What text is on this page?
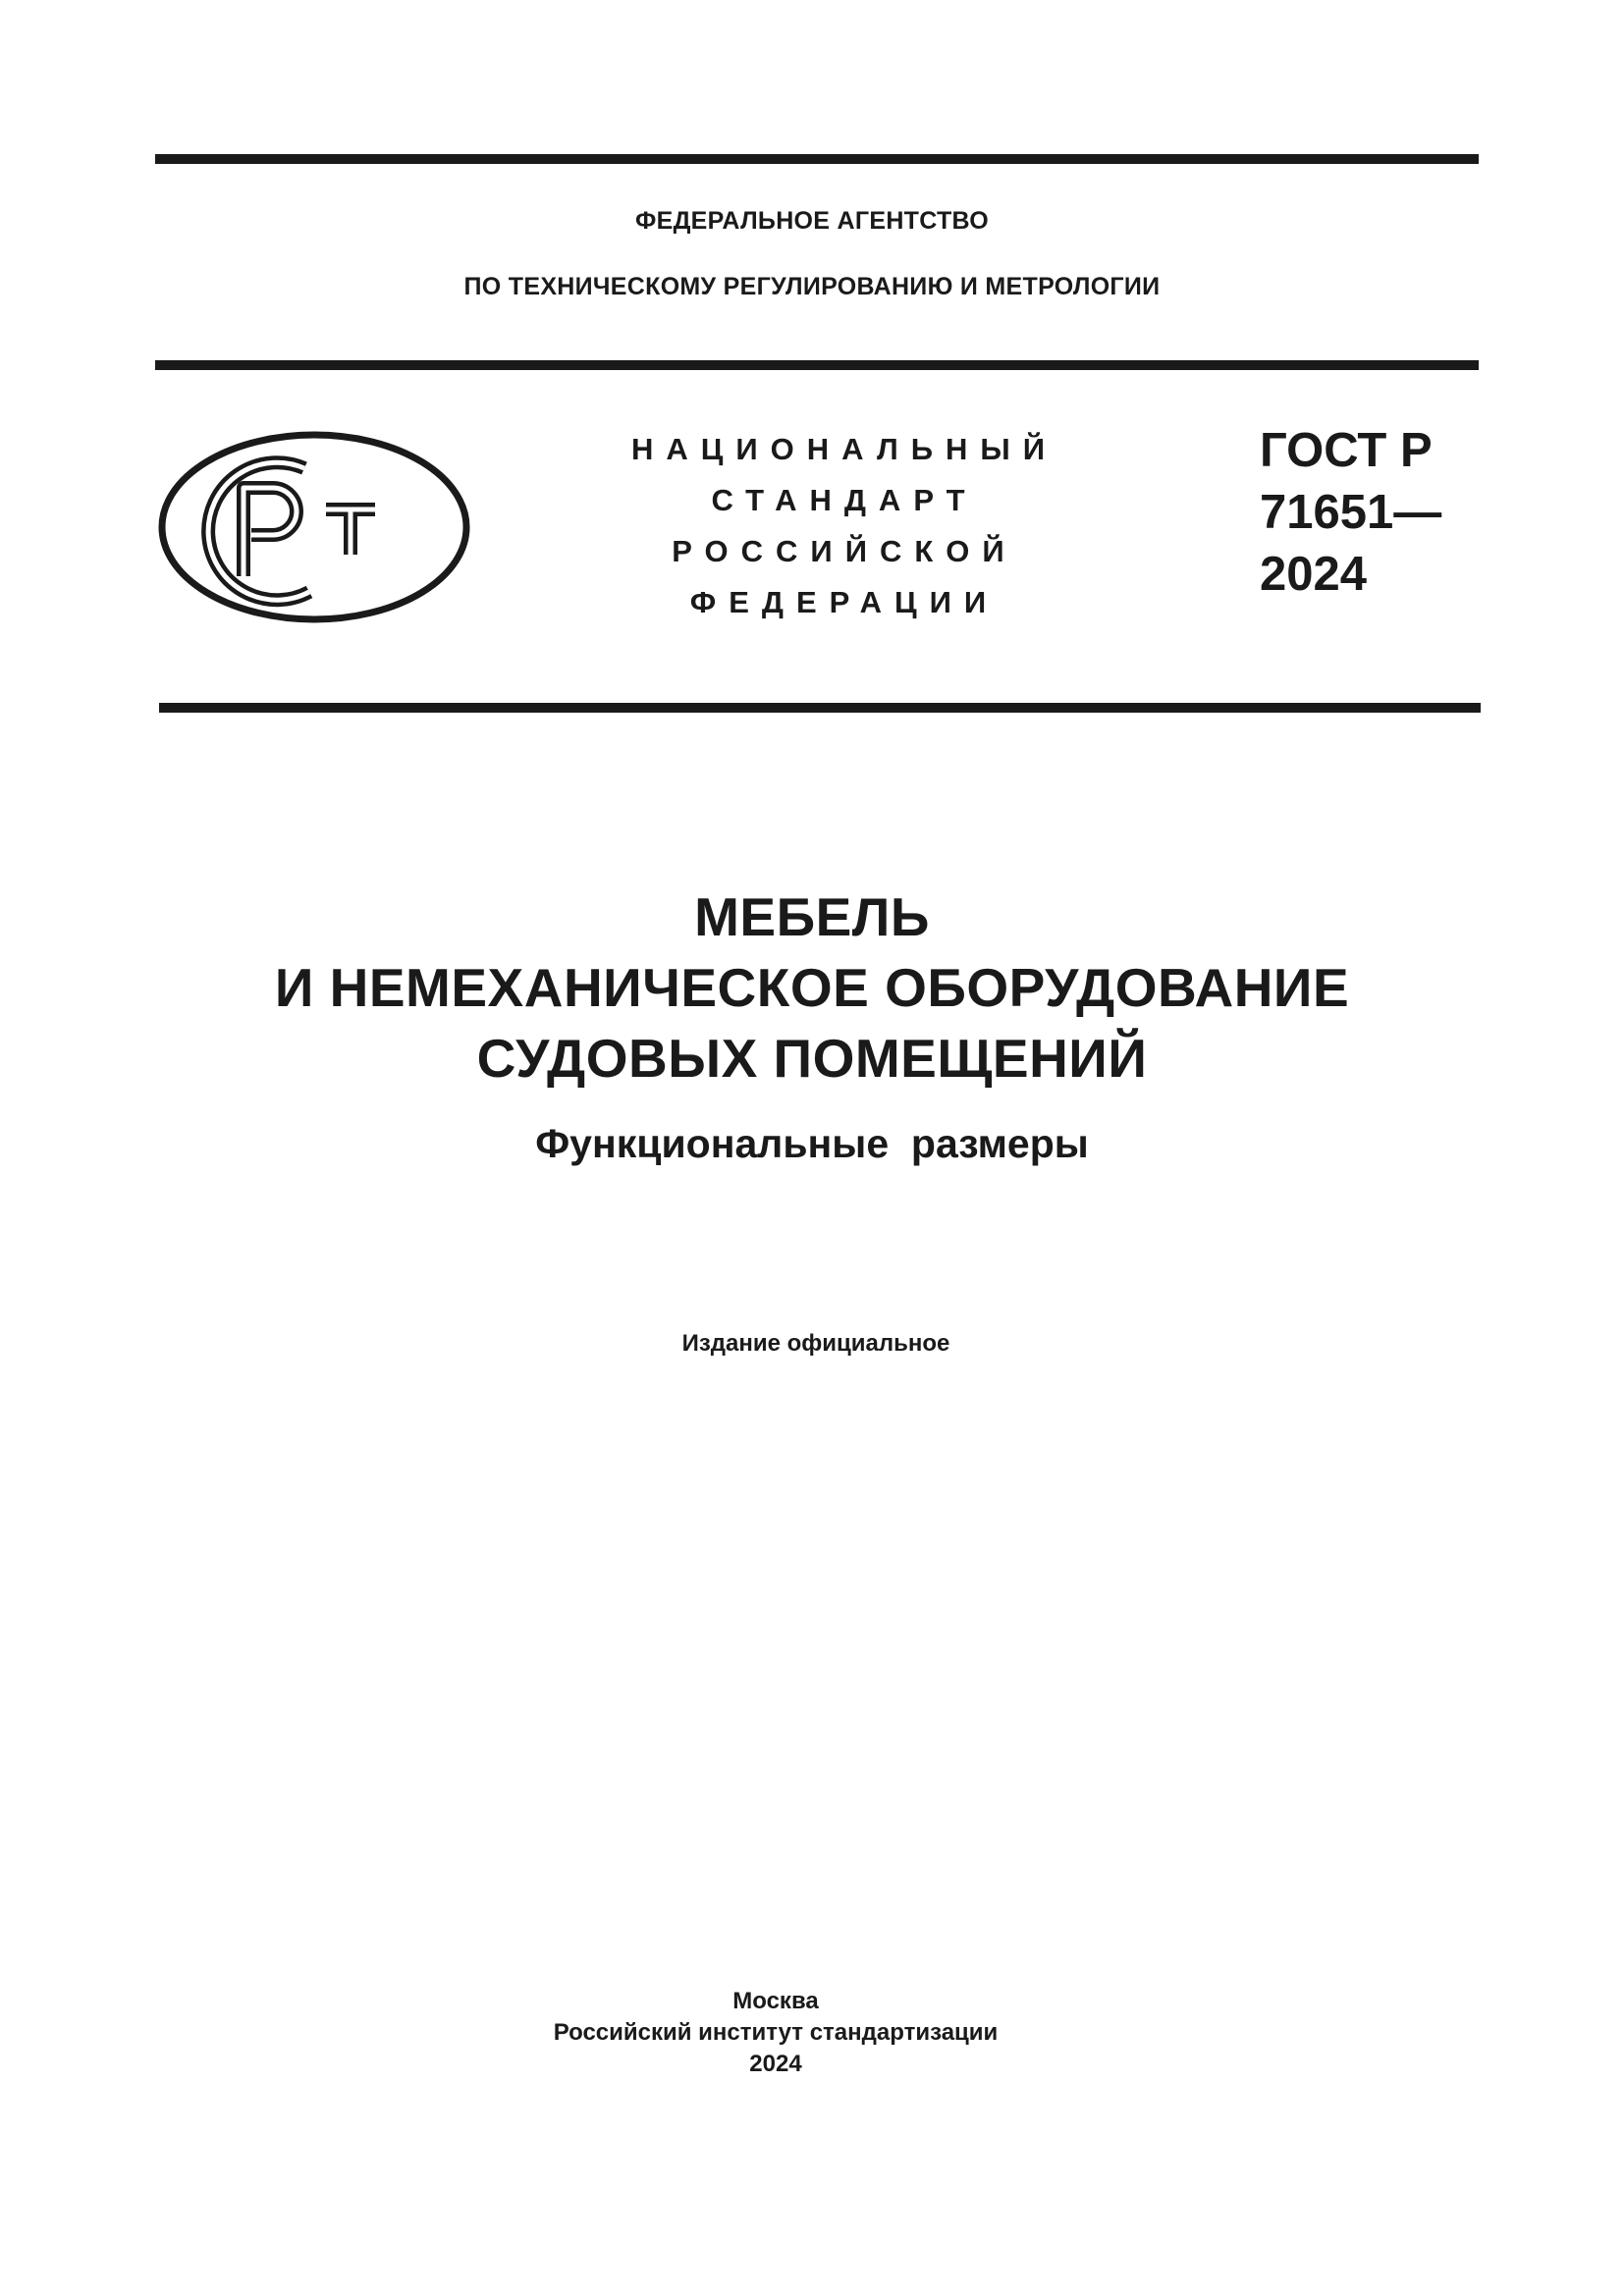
ФЕДЕРАЛЬНОЕ АГЕНТСТВО
ПО ТЕХНИЧЕСКОМУ РЕГУЛИРОВАНИЮ И МЕТРОЛОГИИ
НАЦИОНАЛЬНЫЙ
СТАНДАРТ
РОССИЙСКОЙ
ФЕДЕРАЦИИ
ГОСТ Р
71651—
2024
МЕБЕЛЬ
И НЕМЕХАНИЧЕСКОЕ ОБОРУДОВАНИЕ
СУДОВЫХ ПОМЕЩЕНИЙ
Функциональные  размеры
Издание официальное
Москва
Российский институт стандартизации
2024
